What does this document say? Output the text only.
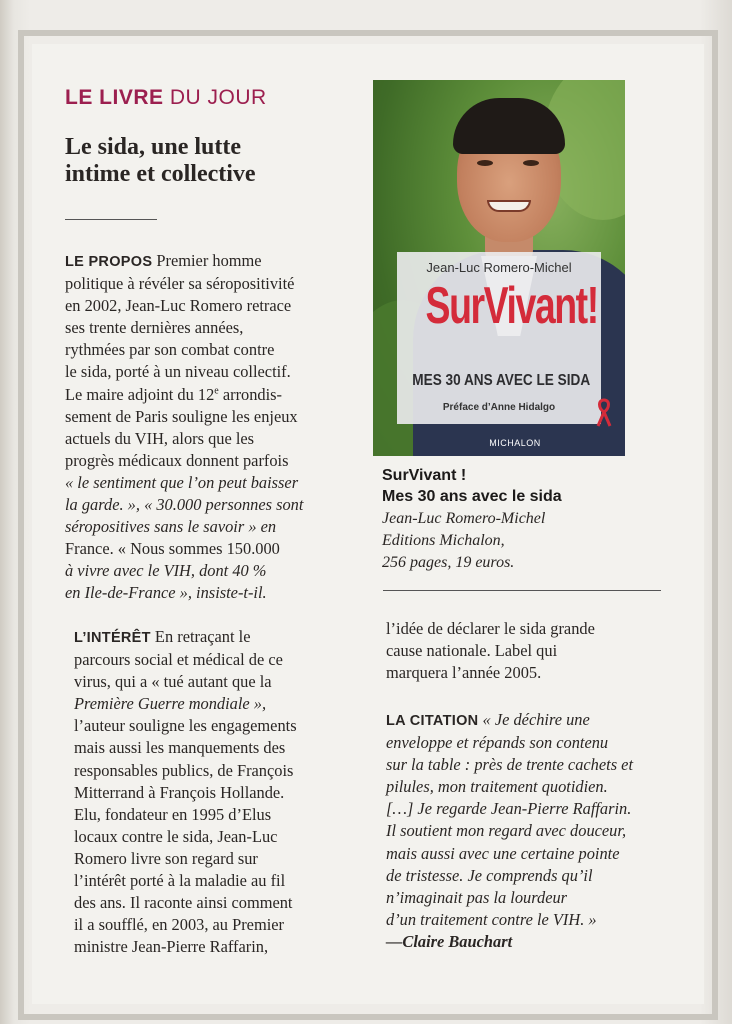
LE LIVRE DU JOUR
Le sida, une lutte
intime et collective
LE PROPOS Premier homme
politique à révéler sa séropositivité
en 2002, Jean-Luc Romero retrace
ses trente dernières années,
rythmées par son combat contre
le sida, porté à un niveau collectif.
Le maire adjoint du 12e arrondis-
sement de Paris souligne les enjeux
actuels du VIH, alors que les
progrès médicaux donnent parfois
« le sentiment que l’on peut baisser
la garde. », « 30.000 personnes sont
séropositives sans le savoir » en
France. « Nous sommes 150.000
à vivre avec le VIH, dont 40 %
en Ile-de-France », insiste-t-il.
L’INTÉRÊT En retraçant le
parcours social et médical de ce
virus, qui a « tué autant que la
Première Guerre mondiale »,
l’auteur souligne les engagements
mais aussi les manquements des
responsables publics, de François
Mitterrand à François Hollande.
Elu, fondateur en 1995 d’Elus
locaux contre le sida, Jean-Luc
Romero livre son regard sur
l’intérêt porté à la maladie au fil
des ans. Il raconte ainsi comment
il a soufflé, en 2003, au Premier
ministre Jean-Pierre Raffarin,
Jean-Luc Romero-Michel
SurVivant!
MES 30 ANS AVEC LE SIDA
Préface d’Anne Hidalgo
MICHALON
SurVivant !
Mes 30 ans avec le sida
Jean-Luc Romero-Michel
Editions Michalon,
256 pages, 19 euros.
l’idée de déclarer le sida grande
cause nationale. Label qui
marquera l’année 2005.
LA CITATION « Je déchire une
enveloppe et répands son contenu
sur la table : près de trente cachets et
pilules, mon traitement quotidien.
[…] Je regarde Jean-Pierre Raffarin.
Il soutient mon regard avec douceur,
mais aussi avec une certaine pointe
de tristesse. Je comprends qu’il
n’imaginait pas la lourdeur
d’un traitement contre le VIH. »
—Claire Bauchart
